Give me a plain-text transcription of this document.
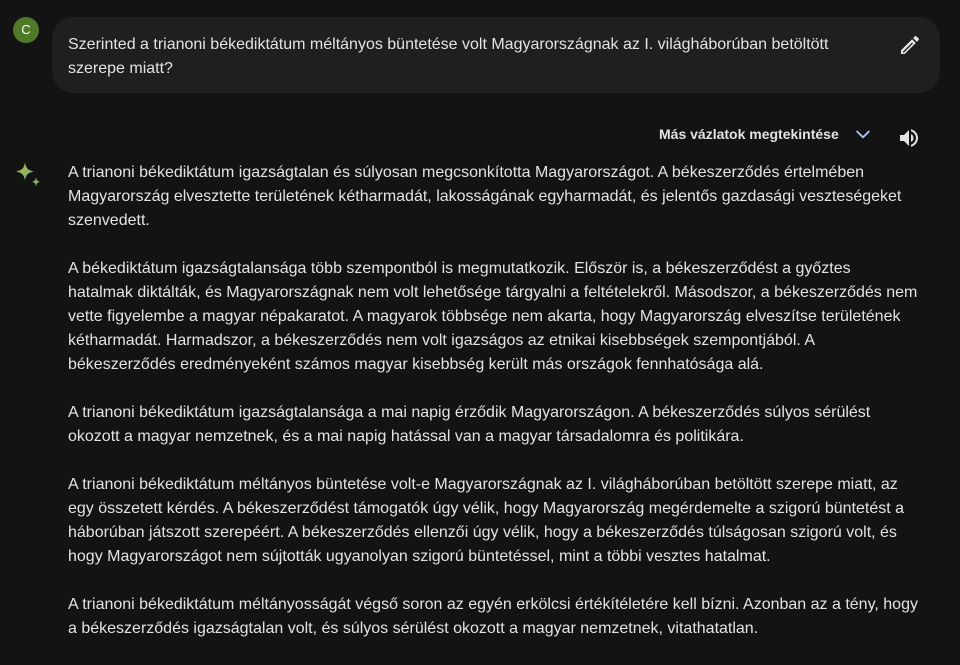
C
Szerinted a trianoni békediktátum méltányos büntetése volt Magyarországnak az I. világháborúban betöltött szerepe miatt?
Más vázlatok megtekintése

A trianoni békediktátum igazságtalan és súlyosan megcsonkította Magyarországot. A békeszerződés értelmében Magyarország elvesztette területének kétharmadát, lakosságának egyharmadát, és jelentős gazdasági veszteségeket szenvedett.

A békediktátum igazságtalansága több szempontból is megmutatkozik. Először is, a békeszerződést a győztes hatalmak diktálták, és Magyarországnak nem volt lehetősége tárgyalni a feltételekről. Másodszor, a békeszerződés nem vette figyelembe a magyar népakaratot. A magyarok többsége nem akarta, hogy Magyarország elveszítse területének kétharmadát. Harmadszor, a békeszerződés nem volt igazságos az etnikai kisebbségek szempontjából. A békeszerződés eredményeként számos magyar kisebbség került más országok fennhatósága alá.

A trianoni békediktátum igazságtalansága a mai napig érződik Magyarországon. A békeszerződés súlyos sérülést okozott a magyar nemzetnek, és a mai napig hatással van a magyar társadalomra és politikára.

A trianoni békediktátum méltányos büntetése volt-e Magyarországnak az I. világháborúban betöltött szerepe miatt, az egy összetett kérdés. A békeszerződést támogatók úgy vélik, hogy Magyarország megérdemelte a szigorú büntetést a háborúban játszott szerepéért. A békeszerződés ellenzői úgy vélik, hogy a békeszerződés túlságosan szigorú volt, és hogy Magyarországot nem sújtották ugyanolyan szigorú büntetéssel, mint a többi vesztes hatalmat.

A trianoni békediktátum méltányosságát végső soron az egyén erkölcsi értékítéletére kell bízni. Azonban az a tény, hogy a békeszerződés igazságtalan volt, és súlyos sérülést okozott a magyar nemzetnek, vitathatatlan.
